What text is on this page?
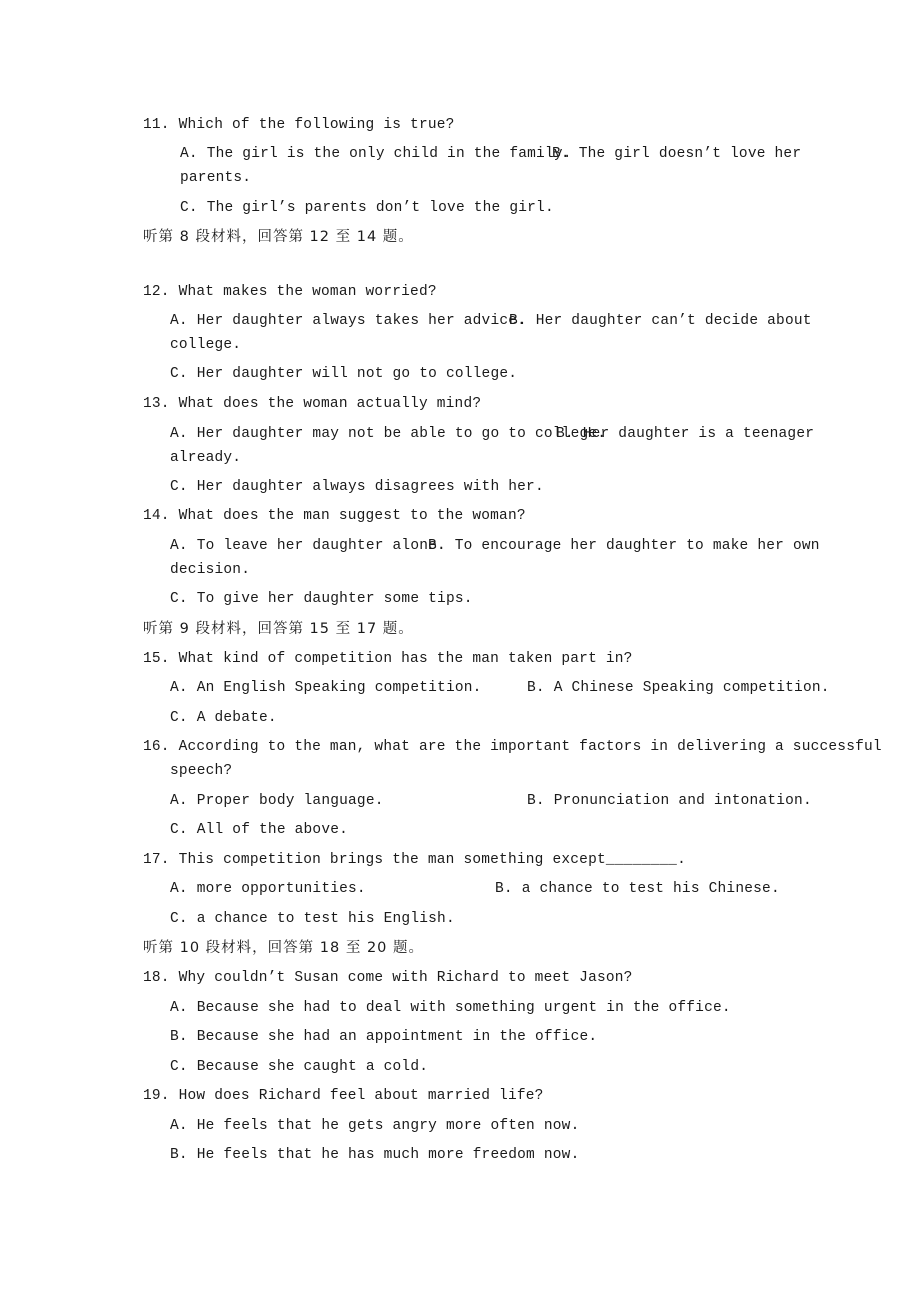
11. Which of the following is true?
A. The girl is the only child in the family.
B. The girl doesn’t love her
parents.
C. The girl’s parents don’t love the girl.
听第 8 段材料，回答第 12 至 14 题。
12. What makes the woman worried?
A. Her daughter always takes her advice.
B. Her daughter can’t decide about
college.
C. Her daughter will not go to college.
13. What does the woman actually mind?
A. Her daughter may not be able to go to college.
B. Her daughter is a teenager
already.
C. Her daughter always disagrees with her.
14. What does the man suggest to the woman?
A. To leave her daughter alone.
B. To encourage her daughter to make her own
decision.
C. To give her daughter some tips.
听第 9 段材料，回答第 15 至 17 题。
15. What kind of competition has the man taken part in?
A. An English Speaking competition.	B. A Chinese Speaking competition.
C. A debate.
16. According to the man, what are the important factors in delivering a successful
speech?
A. Proper body language.	B. Pronunciation and intonation.
C. All of the above.
17. This competition brings the man something except________.
A. more opportunities.	B. a chance to test his Chinese.
C. a chance to test his English.
听第 10 段材料，回答第 18 至 20 题。
18. Why couldn’t Susan come with Richard to meet Jason?
A. Because she had to deal with something urgent in the office.
B. Because she had an appointment in the office.
C. Because she caught a cold.
19. How does Richard feel about married life?
A. He feels that he gets angry more often now.
B. He feels that he has much more freedom now.
